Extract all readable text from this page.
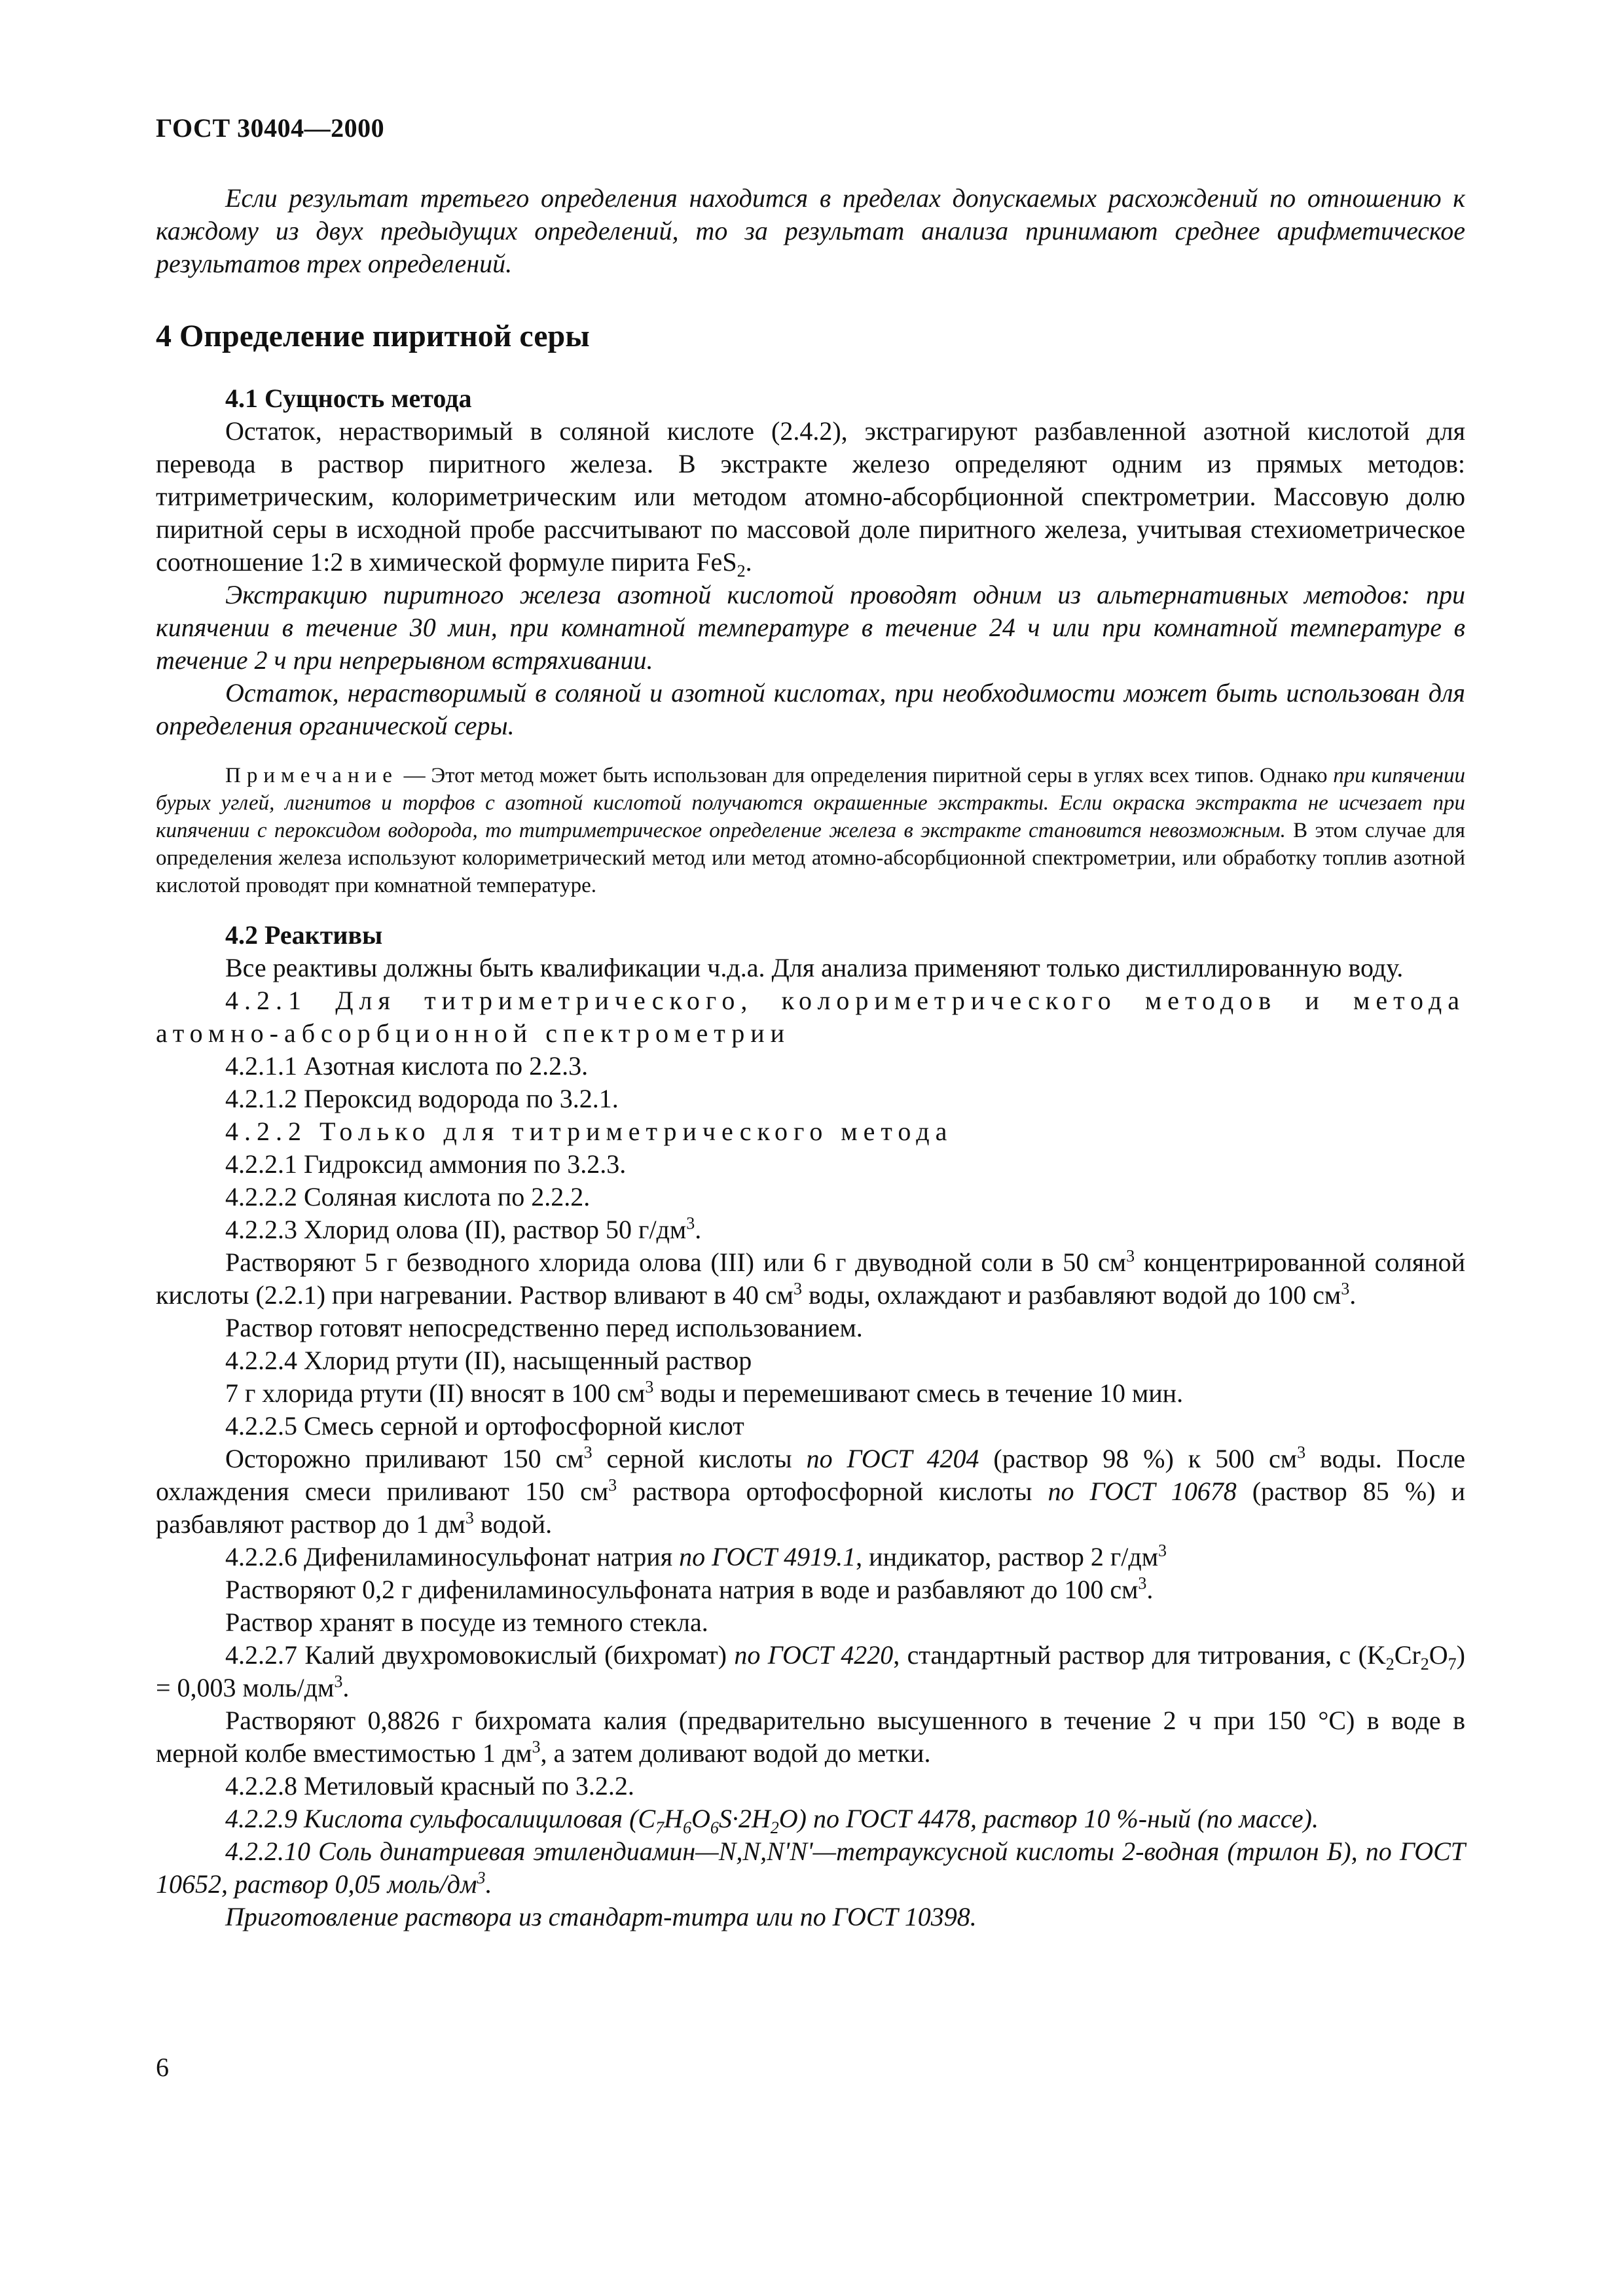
ГОСТ 30404—2000

Если результат третьего определения находится в пределах допускаемых расхождений по отношению к каждому из двух предыдущих определений, то за результат анализа принимают среднее арифметическое результатов трех определений.

4 Определение пиритной серы
4.1 Сущность метода

Остаток, нерастворимый в соляной кислоте (2.4.2), экстрагируют разбавленной азотной кислотой для перевода в раствор пиритного железа. В экстракте железо определяют одним из прямых методов: титриметрическим, колориметрическим или методом атомно-абсорбционной спектрометрии. Массовую долю пиритной серы в исходной пробе рассчитывают по массовой доле пиритного железа, учитывая стехиометрическое соотношение 1:2 в химической формуле пирита FeS$_2$.

Экстракцию пиритного железа азотной кислотой проводят одним из альтернативных методов: при кипячении в течение 30 мин, при комнатной температуре в течение 24 ч или при комнатной температуре в течение 2 ч при непрерывном встряхивании.

Остаток, нерастворимый в соляной и азотной кислотах, при необходимости может быть использован для определения органической серы.

Примечание — Этот метод может быть использован для определения пиритной серы в углях всех типов. Однако при кипячении бурых углей, лигнитов и торфов с азотной кислотой получаются окрашенные экстракты. Если окраска экстракта не исчезает при кипячении с пероксидом водорода, то титриметрическое определение железа в экстракте становится невозможным. В этом случае для определения железа используют колориметрический метод или метод атомно-абсорбционной спектрометрии, или обработку топлив азотной кислотой проводят при комнатной температуре.

4.2 Реактивы

Все реактивы должны быть квалификации ч.д.а. Для анализа применяют только дистиллированную воду.

4.2.1 Для титриметрического, колориметрического методов и метода атомно-абсорбционной спектрометрии

4.2.1.1 Азотная кислота по 2.2.3.

4.2.1.2 Пероксид водорода по 3.2.1.

4.2.2 Только для титриметрического метода

4.2.2.1 Гидроксид аммония по 3.2.3.

4.2.2.2 Соляная кислота по 2.2.2.

4.2.2.3 Хлорид олова (II), раствор 50 $г/дм^3$.

Растворяют 5 г безводного хлорида олова (III) или 6 г двуводной соли в 50 $см^3$ концентрированной соляной кислоты (2.2.1) при нагревании. Раствор вливают в 40 $см^3$ воды, охлаждают и разбавляют водой до 100 $см^3$.

Раствор готовят непосредственно перед использованием.

4.2.2.4 Хлорид ртути (II), насыщенный раствор

7 г хлорида ртути (II) вносят в 100 $см^3$ воды и перемешивают смесь в течение 10 мин.

4.2.2.5 Смесь серной и ортофосфорной кислот

Осторожно приливают 150 $см^3$ серной кислоты по ГОСТ 4204 (раствор 98 %) к 500 $см^3$ воды. После охлаждения смеси приливают 150 $см^3$ раствора ортофосфорной кислоты по ГОСТ 10678 (раствор 85 %) и разбавляют раствор до 1 $дм^3$ водой.

4.2.2.6 Дифениламиносульфонат натрия по ГОСТ 4919.1, индикатор, раствор 2 $г/дм^3$

Растворяют 0,2 г дифениламиносульфоната натрия в воде и разбавляют до 100 $см^3$.

Раствор хранят в посуде из темного стекла.

4.2.2.7 Калий двухромовокислый (бихромат) по ГОСТ 4220, стандартный раствор для титрования, с $(K_2Cr_2O_7) = 0,003$ моль/$дм^3$.

Растворяют 0,8826 г бихромата калия (предварительно высушенного в течение 2 ч при 150 °С) в воде в мерной колбе вместимостью 1 $дм^3$, а затем доливают водой до метки.

4.2.2.8 Метиловый красный по 3.2.2.

4.2.2.9 Кислота сульфосалициловая $(C_7H_6O_6S\cdot 2H_2O)$ по ГОСТ 4478, раствор 10 %-ный (по массе).

4.2.2.10 Соль динатриевая этилендиамин—N,N,N'N'—тетрауксусной кислоты 2-водная (трилон Б), по ГОСТ 10652, раствор 0,05 моль/$дм^3$.

Приготовление раствора из стандарт-титра или по ГОСТ 10398.

6
